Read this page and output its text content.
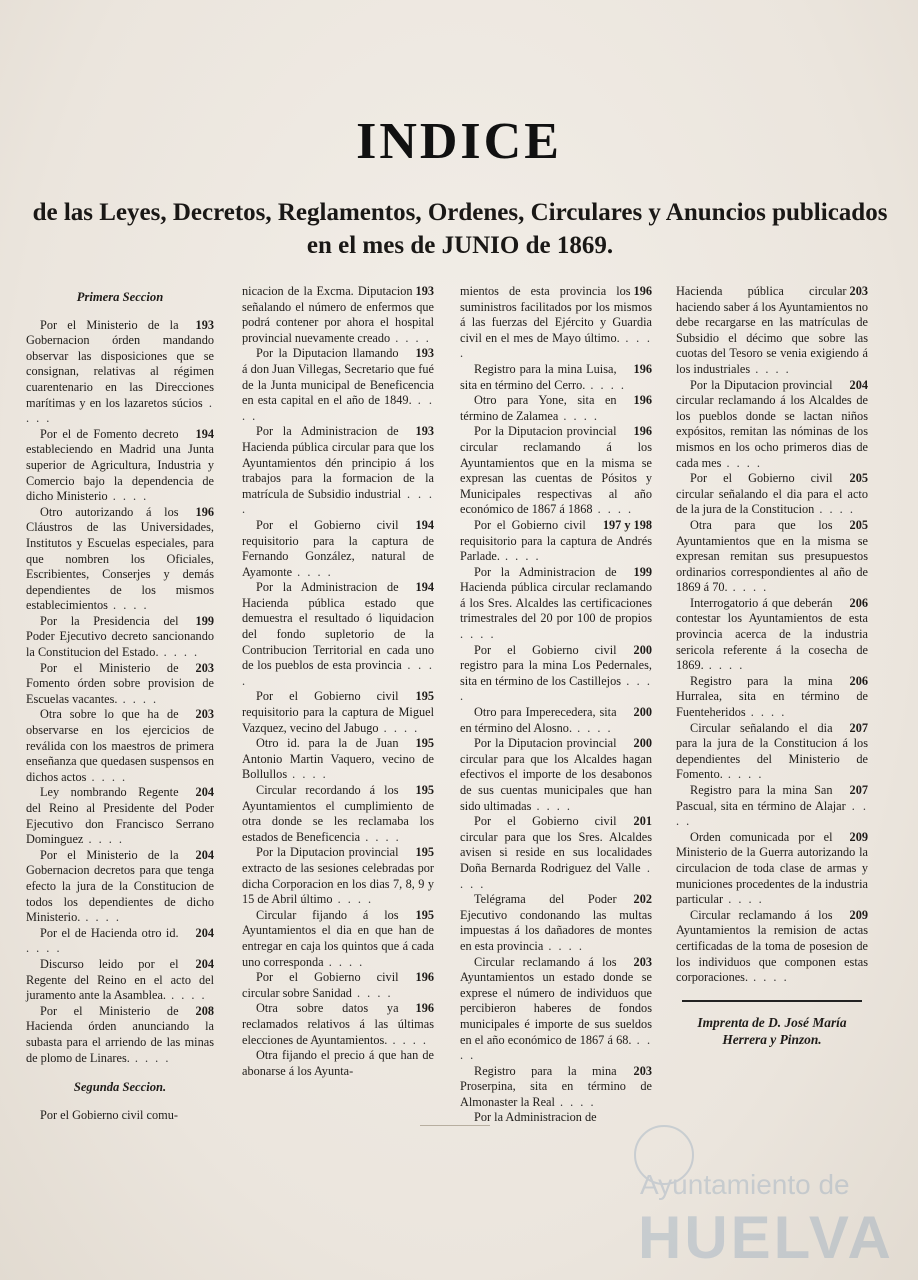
INDICE
de las Leyes, Decretos, Reglamentos, Ordenes, Circulares y Anuncios publicados en el mes de JUNIO de 1869.
Primera Seccion

193
Por el Ministerio de la Gobernacion órden mandando observar las disposiciones que se consignan, relativas al régimen cuarentenario en las Direcciones marítimas y en los lazaretos súcios . . .

194
Por el de Fomento decreto estableciendo en Madrid una Junta superior de Agricultura, Industria y Comercio bajo la dependencia de dicho Ministerio . . .

196
Otro autorizando á los Cláustros de las Universidades, Institutos y Escuelas especiales, para que nombren los Oficiales, Escribientes, Conserjes y demás dependientes de los mismos establecimientos . . .

199
Por la Presidencia del Poder Ejecutivo decreto sancionando la Constitucion del Estado. . . .

203
Por el Ministerio de Fomento órden sobre provision de Escuelas vacantes. . . .

203
Otra sobre lo que ha de observarse en los ejercicios de reválida con los maestros de primera enseñanza que quedasen suspensos en dichos actos . . .

204
Ley nombrando Regente del Reino al Presidente del Poder Ejecutivo don Francisco Serrano Dominguez . . .

204
Por el Ministerio de la Gobernacion decretos para que tenga efecto la jura de la Constitucion de todos los dependientes de dicho Ministerio. . . .

204
Por el de Hacienda otro id. . . .

204
Discurso leido por el Regente del Reino en el acto del juramento ante la Asamblea. . . .

208
Por el Ministerio de Hacienda órden anunciando la subasta para el arriendo de las minas de plomo de Linares. . . .

Segunda Seccion.

Por el Gobierno civil comu-

193
nicacion de la Excma. Diputacion señalando el número de enfermos que podrá contener por ahora el hospital provincial nuevamente creado . . .

193
Por la Diputacion llamando á don Juan Villegas, Secretario que fué de la Junta municipal de Beneficencia en esta capital en el año de 1849. . . .

193
Por la Administracion de Hacienda pública circular para que los Ayuntamientos dén principio á los trabajos para la formacion de la matrícula de Subsidio industrial . . .

194
Por el Gobierno civil requisitorio para la captura de Fernando González, natural de Ayamonte . . .

194
Por la Administracion de Hacienda pública estado que demuestra el resultado ó liquidacion del fondo supletorio de la Contribucion Territorial en cada uno de los pueblos de esta provincia . . .

195
Por el Gobierno civil requisitorio para la captura de Miguel Vazquez, vecino del Jabugo . . .

195
Otro id. para la de Juan Antonio Martin Vaquero, vecino de Bollullos . . .

195
Circular recordando á los Ayuntamientos el cumplimiento de otra donde se les reclamaba los estados de Beneficencia . . .

195
Por la Diputacion provincial extracto de las sesiones celebradas por dicha Corporacion en los dias 7, 8, 9 y 15 de Abril último . . .

195
Circular fijando á los Ayuntamientos el dia en que han de entregar en caja los quintos que á cada uno corresponda . . .

196
Por el Gobierno civil circular sobre Sanidad . . .

196
Otra sobre datos ya reclamados relativos á las últimas elecciones de Ayuntamientos. . . .

Otra fijando el precio á que han de abonarse á los Ayunta-

196
mientos de esta provincia los suministros facilitados por los mismos á las fuerzas del Ejército y Guardia civil en el mes de Mayo último. . . .

196
Registro para la mina Luisa, sita en término del Cerro. . . .

196
Otro para Yone, sita en término de Zalamea . . .

196
Por la Diputacion provincial circular reclamando á los Ayuntamientos que en la misma se expresan las cuentas de Pósitos y Municipales respectivas al año económico de 1867 á 1868 . . .

197 y 198
Por el Gobierno civil requisitorio para la captura de Andrés Parlade. . . .

199
Por la Administracion de Hacienda pública circular reclamando á los Sres. Alcaldes las certificaciones trimestrales del 20 por 100 de propios . . .

200
Por el Gobierno civil registro para la mina Los Pedernales, sita en término de los Castillejos . . .

200
Otro para Imperecedera, sita en término del Alosno. . . .

200
Por la Diputacion provincial circular para que los Alcaldes hagan efectivos el importe de los desabonos de sus cuentas municipales que han sido ultimadas . . .

201
Por el Gobierno civil circular para que los Sres. Alcaldes avisen si reside en sus localidades Doña Bernarda Rodriguez del Valle . . .

202
Telégrama del Poder Ejecutivo condonando las multas impuestas á los dañadores de montes en esta provincia . . .

203
Circular reclamando á los Ayuntamientos un estado donde se exprese el número de individuos que percibieron haberes de fondos municipales é importe de sus sueldos en el año económico de 1867 á 68. . . .

203
Registro para la mina Proserpina, sita en término de Almonaster la Real . . .

Por la Administracion de

203
Hacienda pública circular haciendo saber á los Ayuntamientos no debe recargarse en las matrículas de Subsidio el décimo que sobre las cuotas del Tesoro se venia exigiendo á los industriales . . .

204
Por la Diputacion provincial circular reclamando á los Alcaldes de los pueblos donde se lactan niños expósitos, remitan las nóminas de los mismos en los ocho primeros dias de cada mes . . .

205
Por el Gobierno civil circular señalando el dia para el acto de la jura de la Constitucion . . .

205
Otra para que los Ayuntamientos que en la misma se expresan remitan sus presupuestos ordinarios correspondientes al año de 1869 á 70. . . .

206
Interrogatorio á que deberán contestar los Ayuntamientos de esta provincia acerca de la industria sericola referente á la cosecha de 1869. . . .

206
Registro para la mina Hurralea, sita en término de Fuenteheridos . . .

207
Circular señalando el dia para la jura de la Constitucion á los dependientes del Ministerio de Fomento. . . .

207
Registro para la mina San Pascual, sita en término de Alajar . . .

209
Orden comunicada por el Ministerio de la Guerra autorizando la circulacion de toda clase de armas y municiones procedentes de la industria particular . . .

209
Circular reclamando á los Ayuntamientos la remision de actas certificadas de la toma de posesion de los individuos que componen estas corporaciones. . . .

Imprenta de D. José María
Herrera y Pinzon.
Ayuntamiento de
HUELVA
